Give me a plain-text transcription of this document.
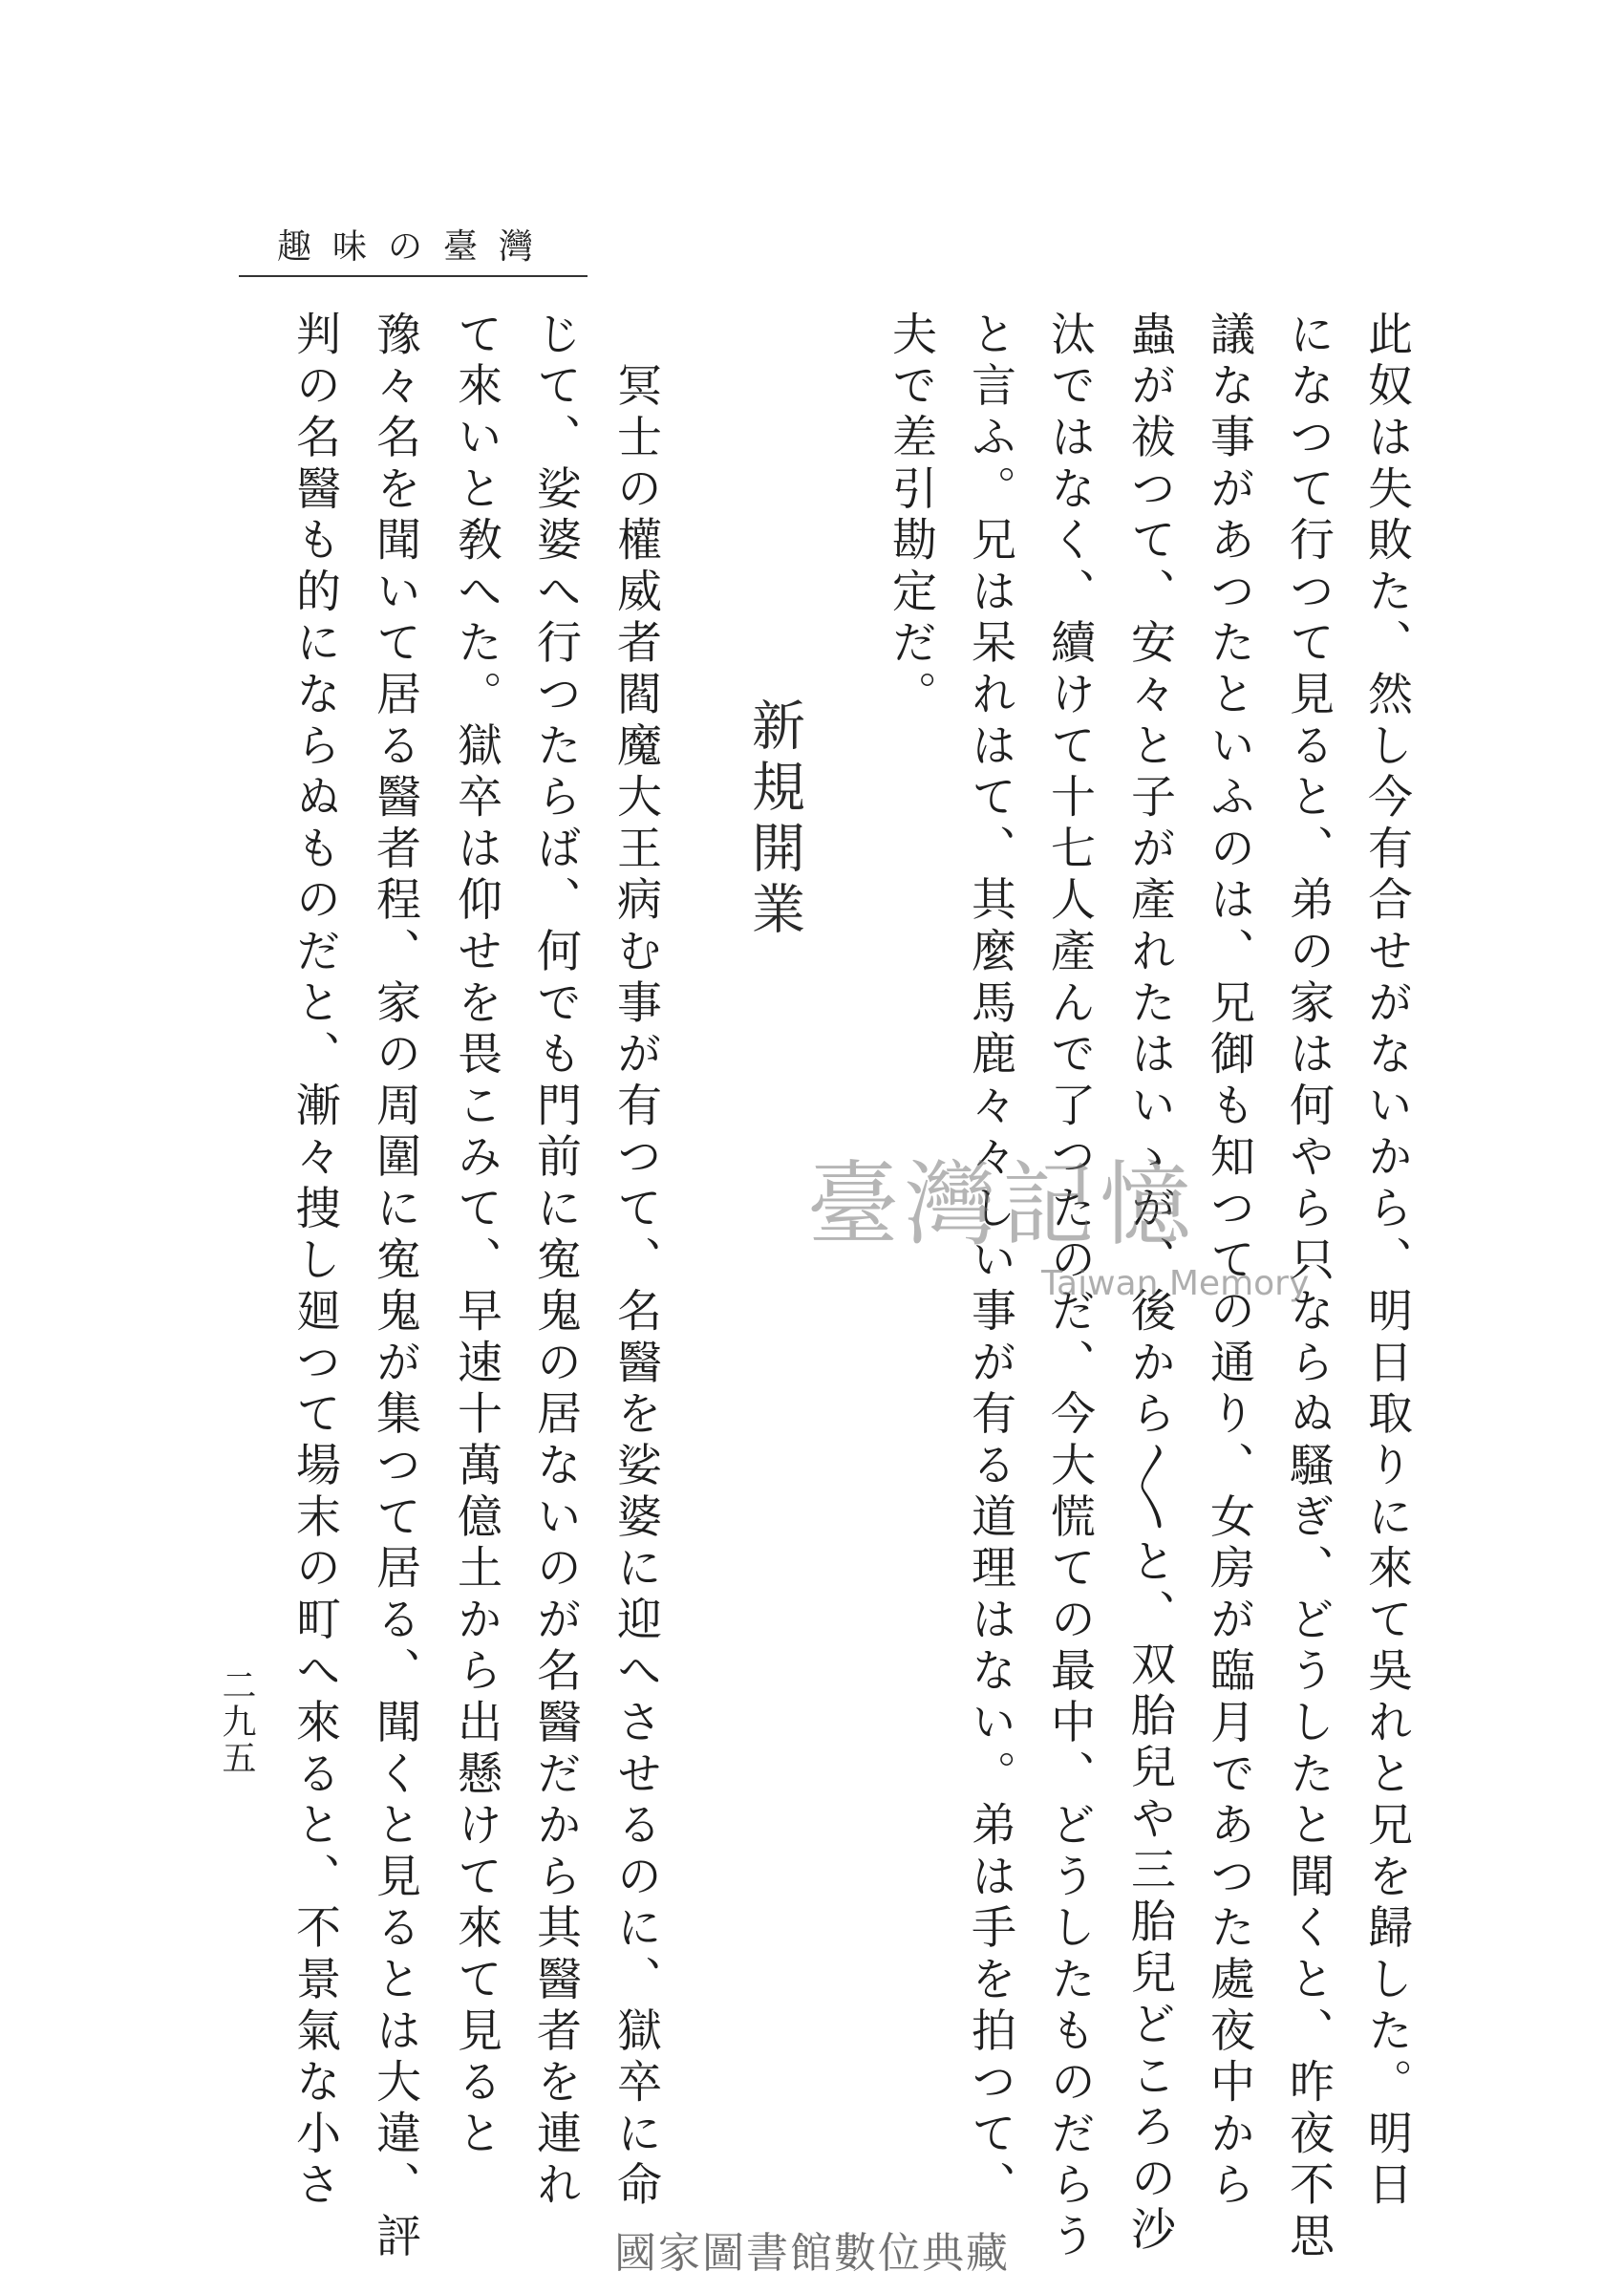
趣味の臺灣
此奴は失敗た、然し今有合せがないから、明日取りに來て吳れと兄を歸した。明日
になつて行つて見ると、弟の家は何やら只ならぬ騷ぎ、どうしたと聞くと、昨夜不思
議な事があつたといふのは、兄御も知つての通り、女房が臨月であつた處夜中から
蟲が祓つて、安々と子が產れたはいゝが、後から〳〵と、双胎兒や三胎兒どころの沙
汰ではなく、續けて十七人產んで了つたのだ、今大慌ての最中、どうしたものだらう
と言ふ。兄は呆れはて、其麼馬鹿々々しい事が有る道理はない。弟は手を拍つて、
夫で差引勘定だ。
新規開業
　冥士の權威者閻魔大王病む事が有つて、名醫を娑婆に迎へさせるのに、獄卒に命
じて、娑婆へ行つたらば、何でも門前に寃鬼の居ないのが名醫だから其醫者を連れ
て來いと敎へた。獄卒は仰せを畏こみて、早速十萬億土から出懸けて來て見ると
豫々名を聞いて居る醫者程、家の周圍に寃鬼が集つて居る、聞くと見るとは大違、評
判の名醫も的にならぬものだと、漸々捜し廻つて場末の町へ來ると、不景氣な小さ
二九五
臺灣記憶
Taiwan Memory
國家圖書館數位典藏
